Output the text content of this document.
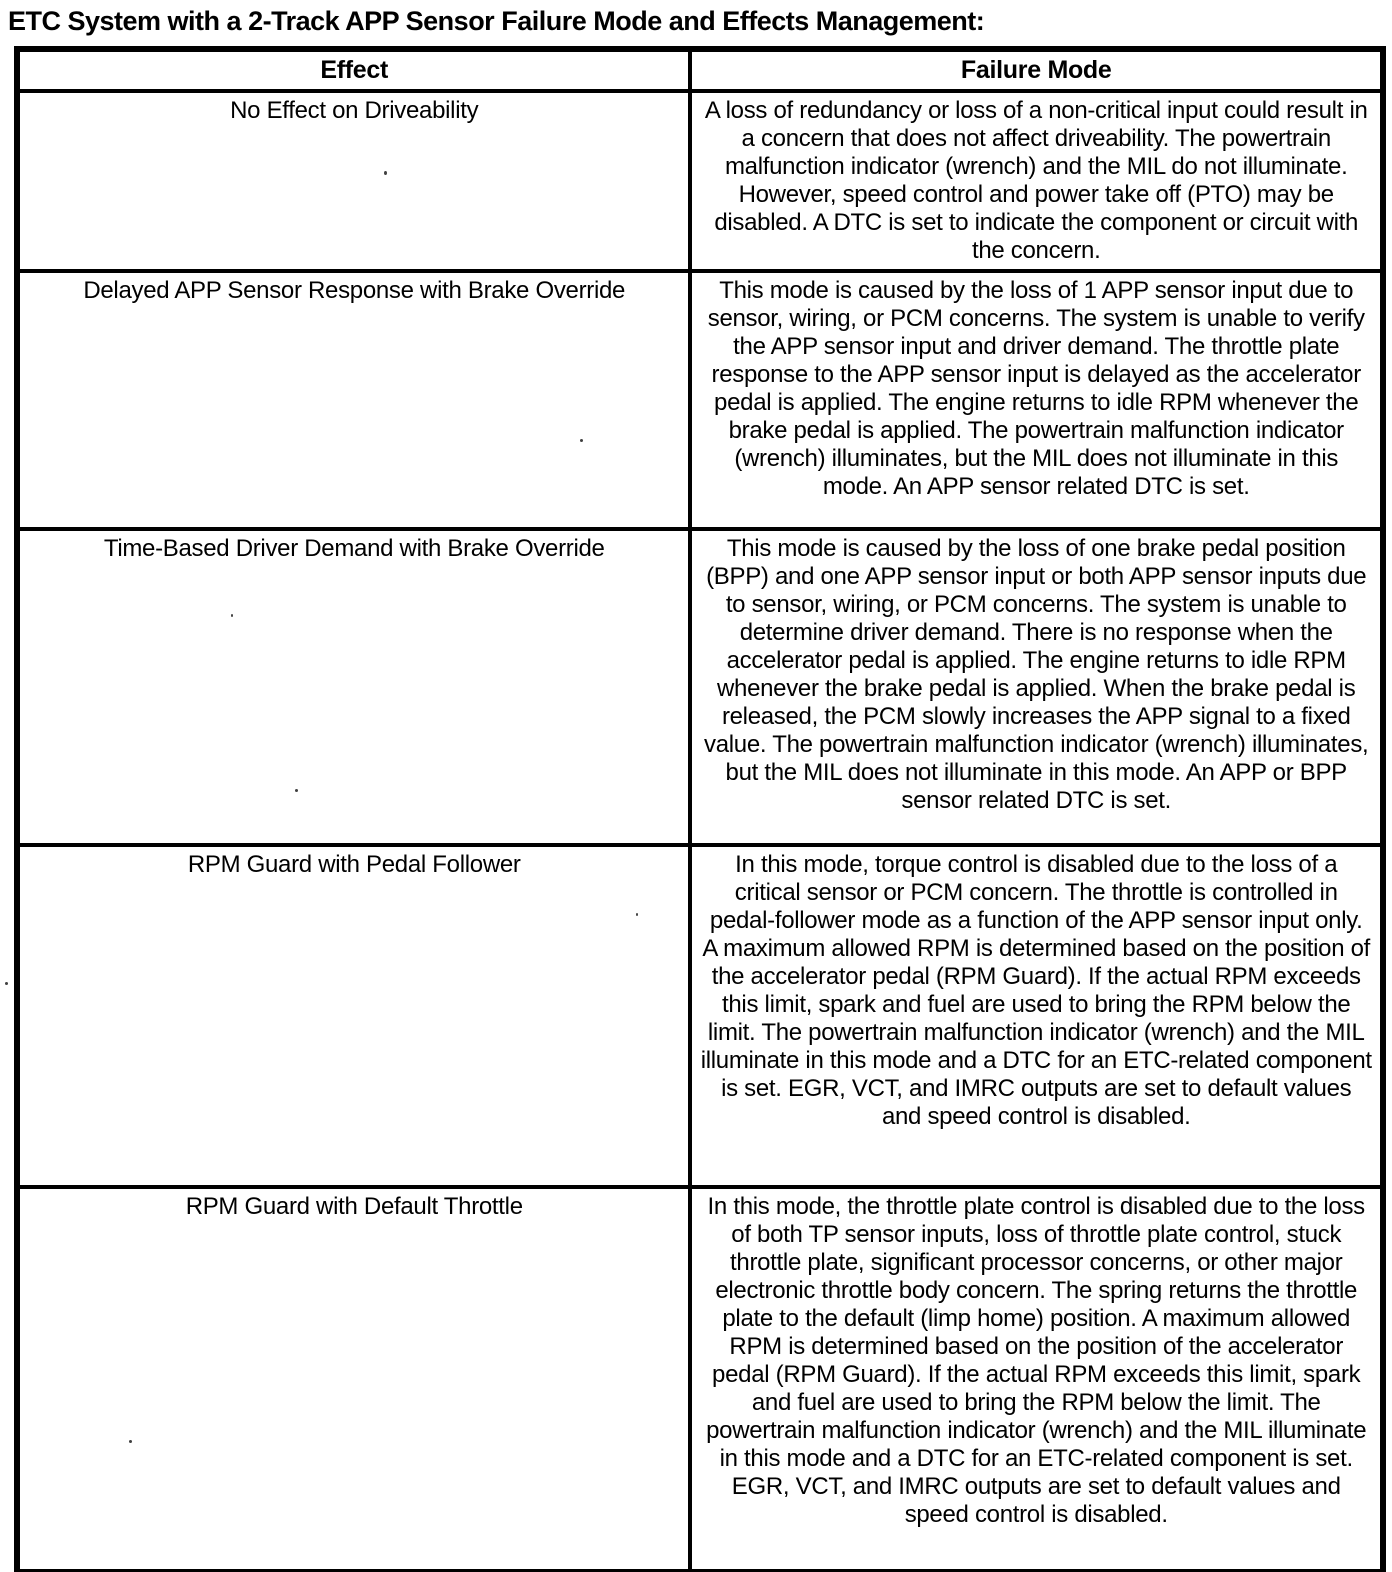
ETC System with a 2-Track APP Sensor Failure Mode and Effects Management:
Effect	Failure Mode
No Effect on Driveability	A loss of redundancy or loss of a non-critical input could result in a concern that does not affect driveability. The powertrain malfunction indicator (wrench) and the MIL do not illuminate. However, speed control and power take off (PTO) may be disabled. A DTC is set to indicate the component or circuit with the concern.
Delayed APP Sensor Response with Brake Override	This mode is caused by the loss of 1 APP sensor input due to sensor, wiring, or PCM concerns. The system is unable to verify the APP sensor input and driver demand. The throttle plate response to the APP sensor input is delayed as the accelerator pedal is applied. The engine returns to idle RPM whenever the brake pedal is applied. The powertrain malfunction indicator (wrench) illuminates, but the MIL does not illuminate in this mode. An APP sensor related DTC is set.
Time-Based Driver Demand with Brake Override	This mode is caused by the loss of one brake pedal position (BPP) and one APP sensor input or both APP sensor inputs due to sensor, wiring, or PCM concerns. The system is unable to determine driver demand. There is no response when the accelerator pedal is applied. The engine returns to idle RPM whenever the brake pedal is applied. When the brake pedal is released, the PCM slowly increases the APP signal to a fixed value. The powertrain malfunction indicator (wrench) illuminates, but the MIL does not illuminate in this mode. An APP or BPP sensor related DTC is set.
RPM Guard with Pedal Follower	In this mode, torque control is disabled due to the loss of a critical sensor or PCM concern. The throttle is controlled in pedal-follower mode as a function of the APP sensor input only. A maximum allowed RPM is determined based on the position of the accelerator pedal (RPM Guard). If the actual RPM exceeds this limit, spark and fuel are used to bring the RPM below the limit. The powertrain malfunction indicator (wrench) and the MIL illuminate in this mode and a DTC for an ETC-related component is set. EGR, VCT, and IMRC outputs are set to default values and speed control is disabled.
RPM Guard with Default Throttle	In this mode, the throttle plate control is disabled due to the loss of both TP sensor inputs, loss of throttle plate control, stuck throttle plate, significant processor concerns, or other major electronic throttle body concern. The spring returns the throttle plate to the default (limp home) position. A maximum allowed RPM is determined based on the position of the accelerator pedal (RPM Guard). If the actual RPM exceeds this limit, spark and fuel are used to bring the RPM below the limit. The powertrain malfunction indicator (wrench) and the MIL illuminate in this mode and a DTC for an ETC-related component is set. EGR, VCT, and IMRC outputs are set to default values and speed control is disabled.
